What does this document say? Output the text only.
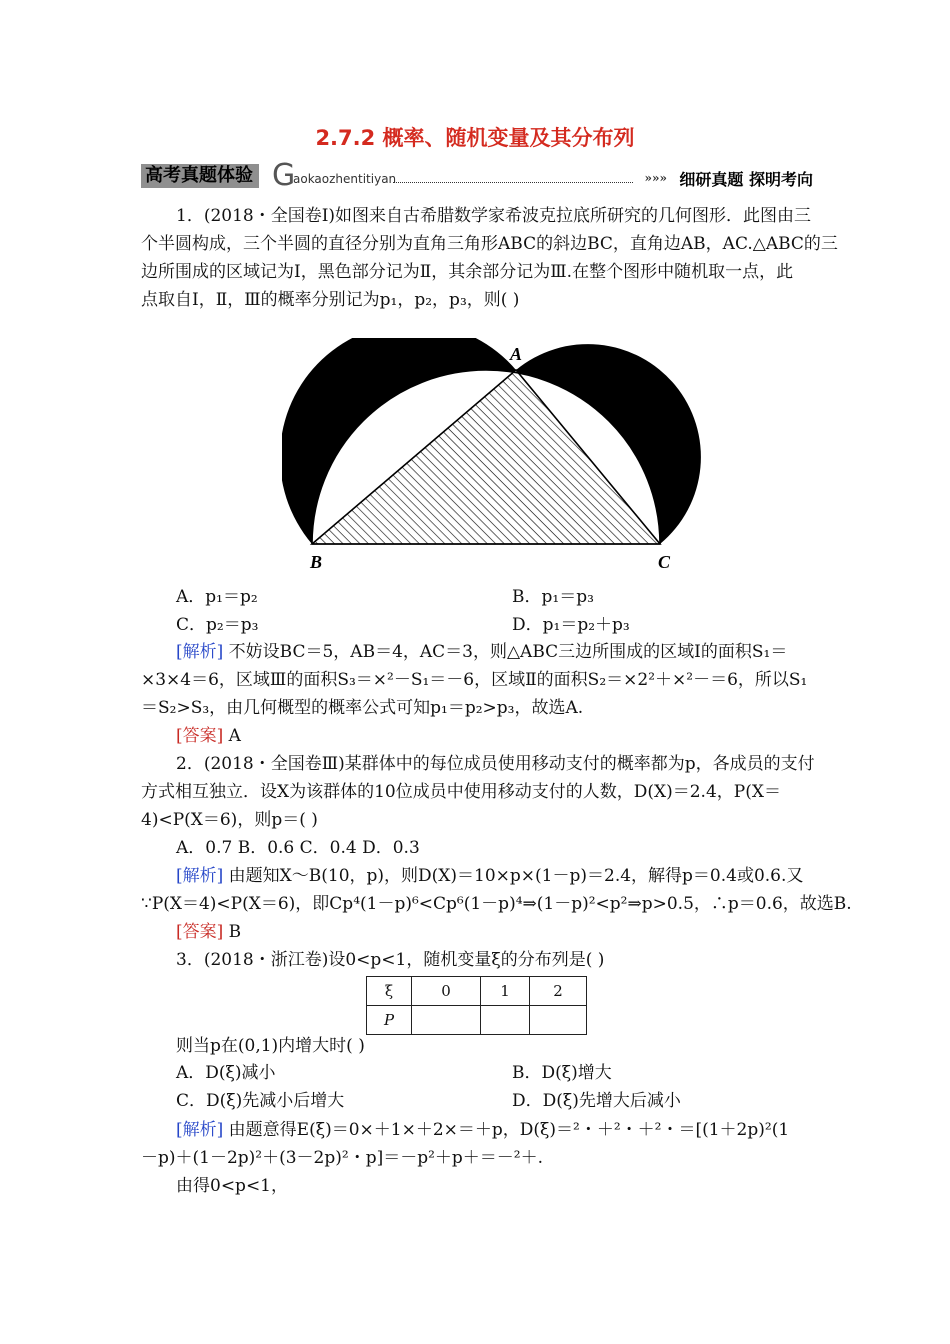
2.7.2 概率、随机变量及其分布列
高考真题体验 G
aokaozhentitiyan	»»» 细研真题 探明考向
1．(2018・全国卷Ⅰ)如图来自古希腊数学家希波克拉底所研究的几何图形．此图由三
个半圆构成，三个半圆的直径分别为直角三角形ABC的斜边BC，直角边AB，AC.△ABC的三
边所围成的区域记为Ⅰ，黑色部分记为Ⅱ，其余部分记为Ⅲ.在整个图形中随机取一点，此
点取自Ⅰ，Ⅱ，Ⅲ的概率分别记为p₁，p₂，p₃，则( )
A
B	C
A．p₁＝p₂	B．p₁＝p₃
C．p₂＝p₃	D．p₁＝p₂＋p₃
[解析] 不妨设BC＝5，AB＝4，AC＝3，则△ABC三边所围成的区域Ⅰ的面积S₁＝
×3×4＝6，区域Ⅲ的面积S₃＝×²－S₁＝－6，区域Ⅱ的面积S₂＝×2²＋×²－＝6，所以S₁
＝S₂>S₃，由几何概型的概率公式可知p₁＝p₂>p₃，故选A.
[答案] A
2．(2018・全国卷Ⅲ)某群体中的每位成员使用移动支付的概率都为p，各成员的支付
方式相互独立．设X为该群体的10位成员中使用移动支付的人数，D(X)＝2.4，P(X＝
4)<P(X＝6)，则p＝( )
A．0.7 B．0.6 C．0.4 D．0.3
[解析] 由题知X～B(10，p)，则D(X)＝10×p×(1－p)＝2.4，解得p＝0.4或0.6.又
∵P(X＝4)<P(X＝6)，即Cp⁴(1－p)⁶<Cp⁶(1－p)⁴⇒(1－p)²<p²⇒p>0.5，∴p＝0.6，故选B.
[答案] B
3．(2018・浙江卷)设0<p<1，随机变量ξ的分布列是( )
ξ	0	1	2
P			
则当p在(0,1)内增大时( )
A．D(ξ)减小	B．D(ξ)增大
C．D(ξ)先减小后增大	D．D(ξ)先增大后减小
[解析] 由题意得E(ξ)＝0×＋1×＋2×＝＋p，D(ξ)＝²・＋²・＋²・＝[(1＋2p)²(1
－p)＋(1－2p)²＋(3－2p)²・p]＝－p²＋p＋＝－²＋.
由得0<p<1，
